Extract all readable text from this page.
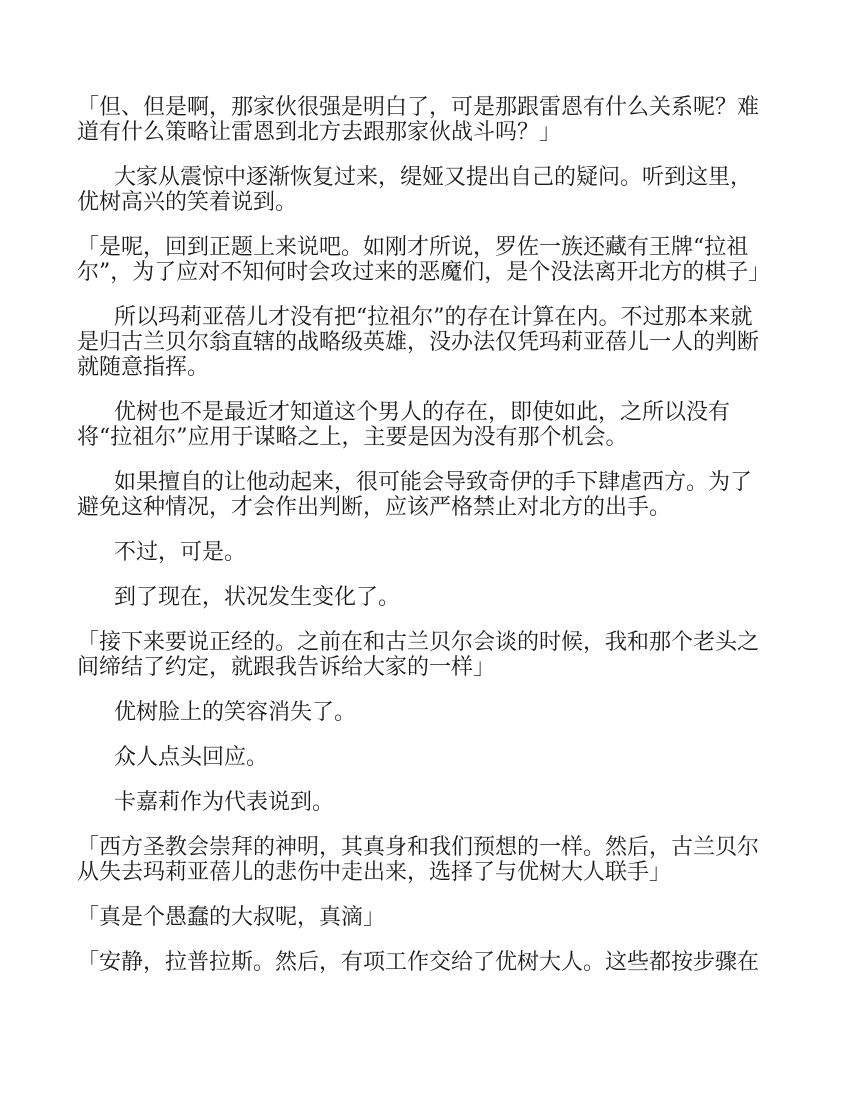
「但、但是啊，那家伙很强是明白了，可是那跟雷恩有什么关系呢？难道有什么策略让雷恩到北方去跟那家伙战斗吗？」

大家从震惊中逐渐恢复过来，缇娅又提出自己的疑问。听到这里，优树高兴的笑着说到。

「是呢，回到正题上来说吧。如刚才所说，罗佐一族还藏有王牌“拉祖尔”，为了应对不知何时会攻过来的恶魔们，是个没法离开北方的棋子」

所以玛莉亚蓓儿才没有把“拉祖尔”的存在计算在内。不过那本来就是归古兰贝尔翁直辖的战略级英雄，没办法仅凭玛莉亚蓓儿一人的判断就随意指挥。

优树也不是最近才知道这个男人的存在，即使如此，之所以没有将“拉祖尔”应用于谋略之上，主要是因为没有那个机会。

如果擅自的让他动起来，很可能会导致奇伊的手下肆虐西方。为了避免这种情况，才会作出判断，应该严格禁止对北方的出手。

不过，可是。

到了现在，状况发生变化了。

「接下来要说正经的。之前在和古兰贝尔会谈的时候，我和那个老头之间缔结了约定，就跟我告诉给大家的一样」

优树脸上的笑容消失了。

众人点头回应。

卡嘉莉作为代表说到。

「西方圣教会崇拜的神明，其真身和我们预想的一样。然后，古兰贝尔从失去玛莉亚蓓儿的悲伤中走出来，选择了与优树大人联手」

「真是个愚蠢的大叔呢，真滴」

「安静，拉普拉斯。然后，有项工作交给了优树大人。这些都按步骤在
